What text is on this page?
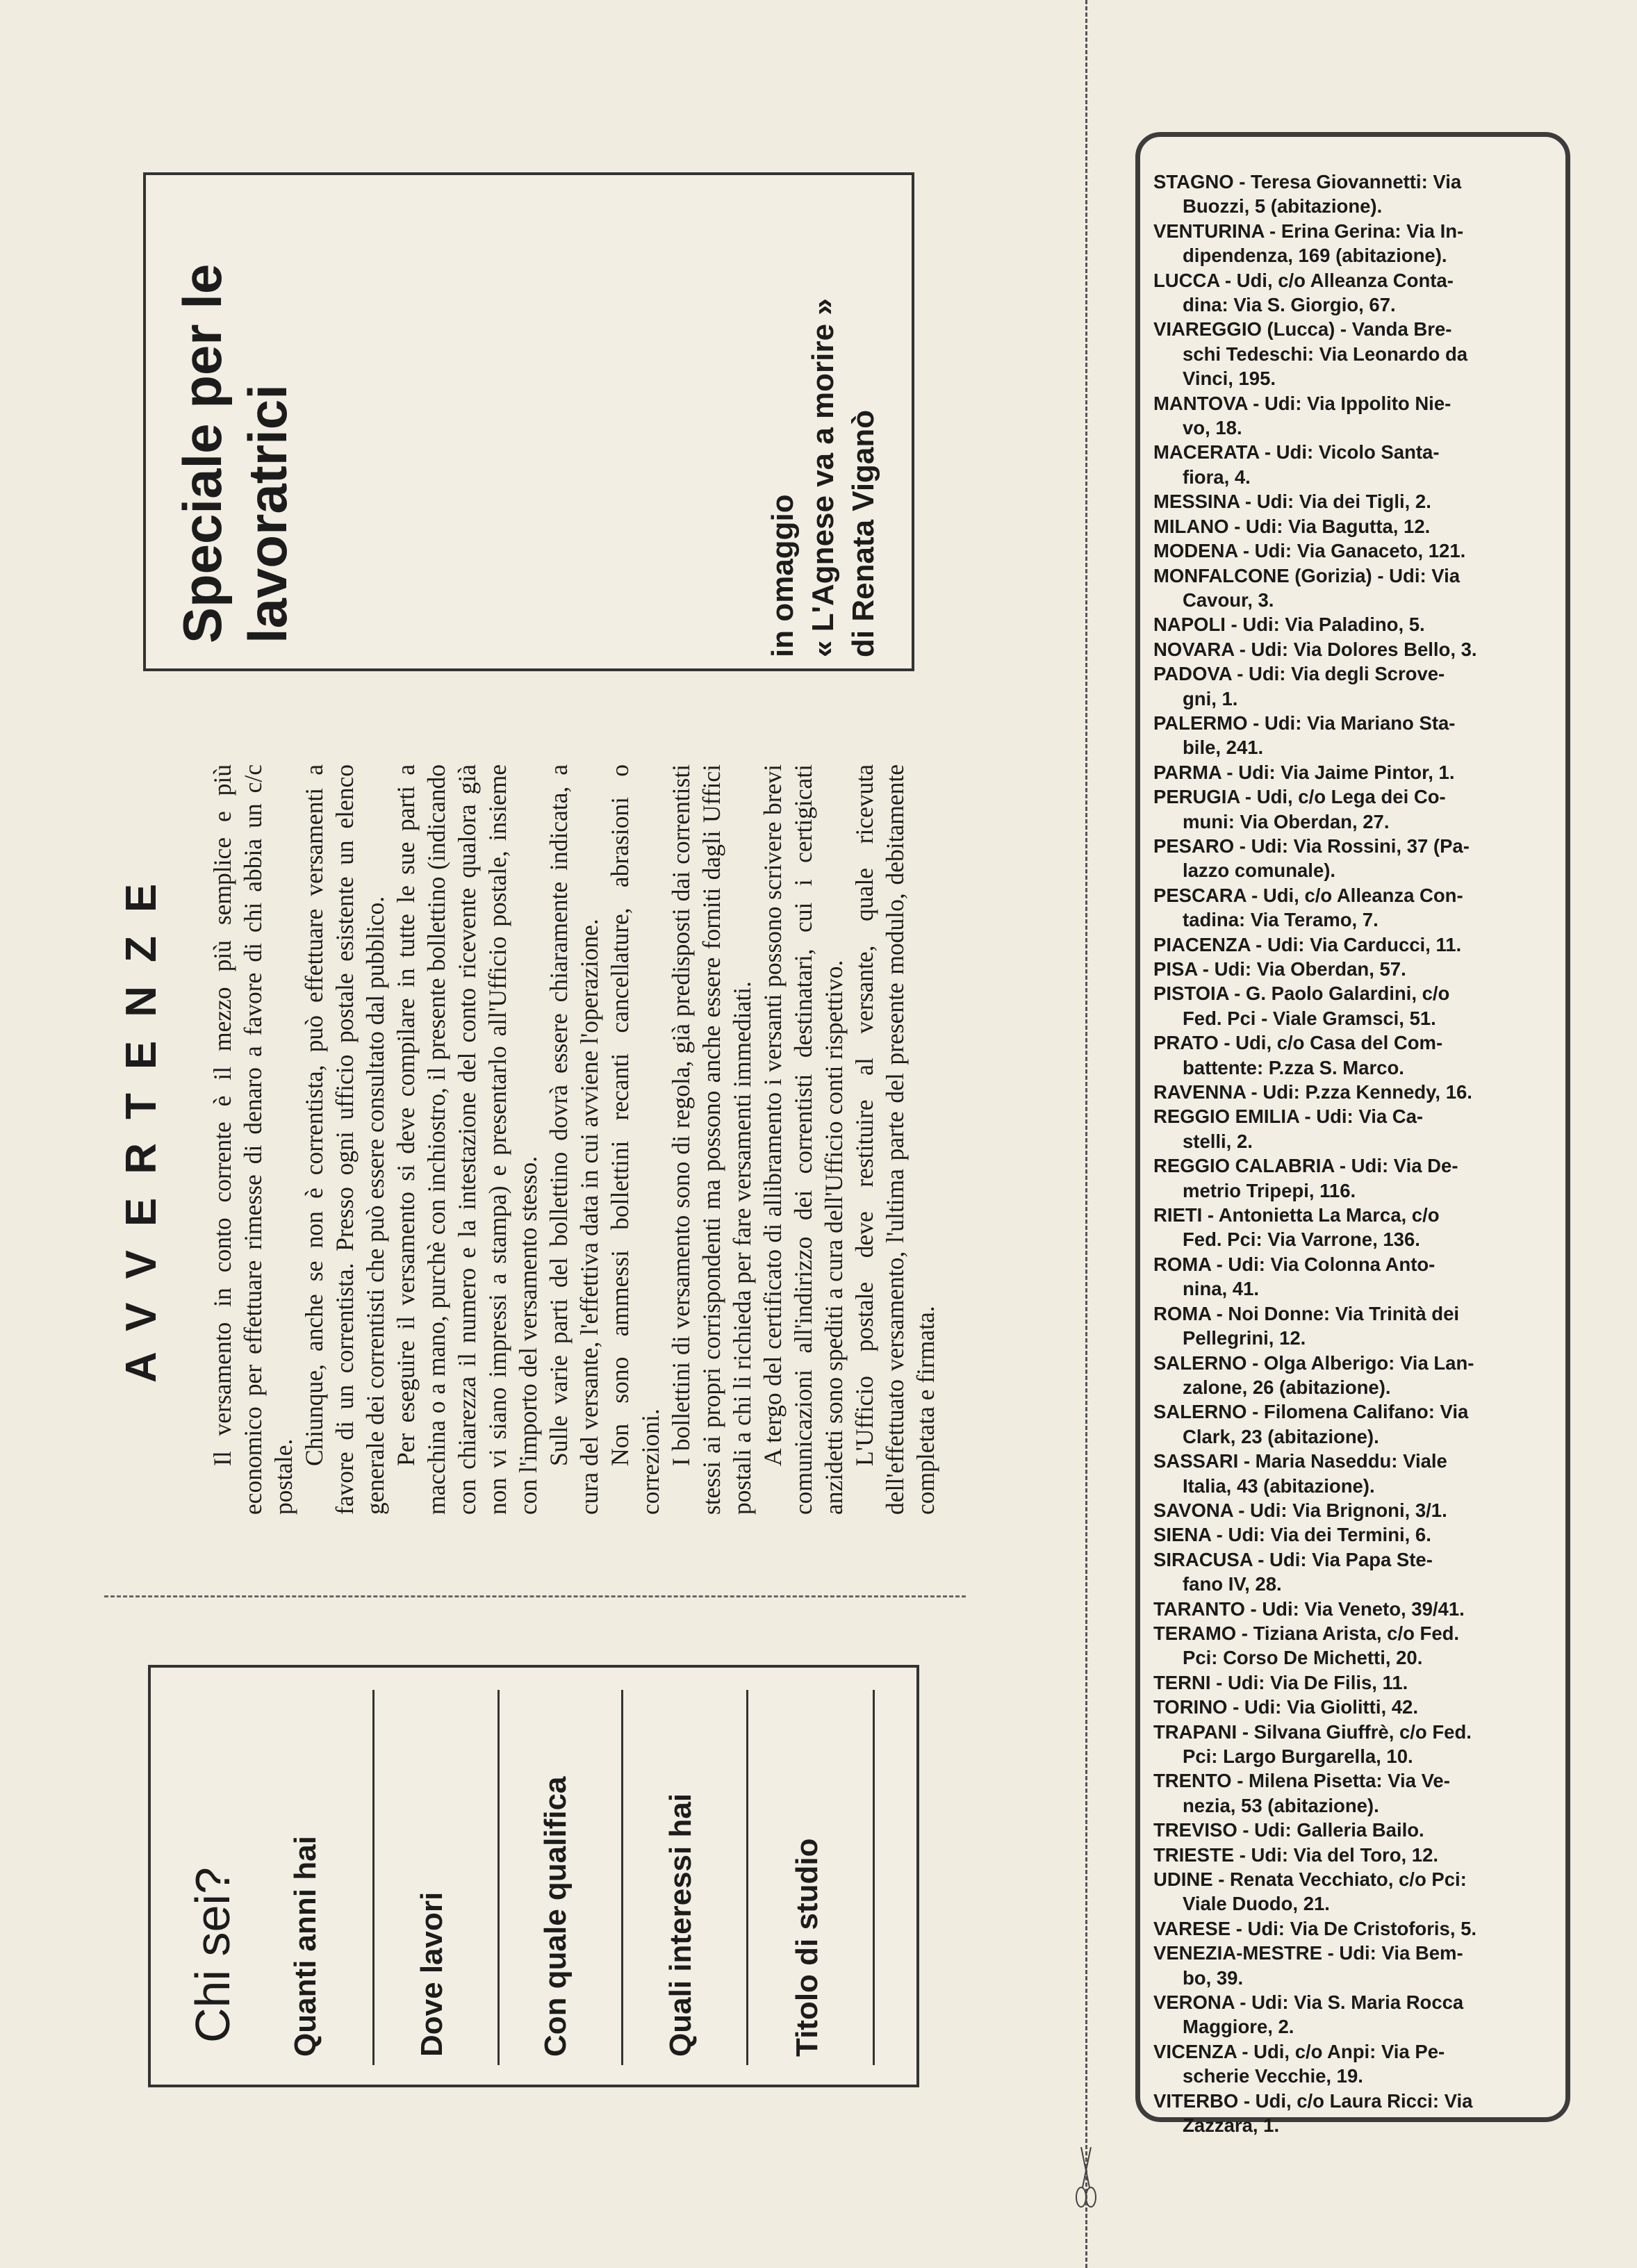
Speciale per le lavoratrici	in omaggio « L'Agnese va a morire » di Renata Viganò
AVVERTENZE Il versamento in conto corrente è il mezzo più semplice e più economico per effettuare rimesse di denaro a favore di chi abbia un c/c postale.

Chiunque, anche se non è correntista, può effettuare versamenti a favore di un correntista. Presso ogni ufficio postale esistente un elenco generale dei correntisti che può essere consultato dal pubblico. Per eseguire il versamento si deve compilare in tutte le sue parti a macchina o a mano, purchè con inchiostro, il presente bollettino (indicando con chiarezza il numero e la intestazione del conto ricevente qualora già non vi siano impressi a stampa) e presentarlo all'Ufficio postale, insieme con l'importo del versamento stesso. Sulle varie parti del bollettino dovrà essere chiaramente indicata, a cura del versante, l'effettiva data in cui avviene l'operazione. Non sono ammessi bollettini recanti cancellature, abrasioni o correzioni. I bollettini di versamento sono di regola, già predisposti dai correntisti stessi ai propri corrispondenti ma possono anche essere forniti dagli Uffici postali a chi li richieda per fare versamenti immediati. A tergo del certificato di allibramento i versanti possono scrivere brevi comunicazioni all'indirizzo dei correntisti destinatari, cui i certigicati anzidetti sono spediti a cura dell'Ufficio conti rispettivo. L'Ufficio postale deve restituire al versante, quale ricevuta dell'effettuato versamento, l'ultima parte del presente modulo, debitamente completata e firmata.

Chi sei? Quanti anni hai	Dove lavori	Con quale qualifica	Quali interessi hai	Titolo di studio
STAGNO - Teresa Giovannetti: Via
Buozzi, 5 (abitazione).
VENTURINA - Erina Gerina: Via In-
dipendenza, 169 (abitazione).
LUCCA - Udi, c/o Alleanza Conta-
dina: Via S. Giorgio, 67.
VIAREGGIO (Lucca) - Vanda Bre-
schi Tedeschi: Via Leonardo da
Vinci, 195.
MANTOVA - Udi: Via Ippolito Nie-
vo, 18.
MACERATA - Udi: Vicolo Santa-
fiora, 4.
MESSINA - Udi: Via dei Tigli, 2.
MILANO - Udi: Via Bagutta, 12.
MODENA - Udi: Via Ganaceto, 121.
MONFALCONE (Gorizia) - Udi: Via
Cavour, 3.
NAPOLI - Udi: Via Paladino, 5.
NOVARA - Udi: Via Dolores Bello, 3.
PADOVA - Udi: Via degli Scrove-
gni, 1.
PALERMO - Udi: Via Mariano Sta-
bile, 241.
PARMA - Udi: Via Jaime Pintor, 1.
PERUGIA - Udi, c/o Lega dei Co-
muni: Via Oberdan, 27.
PESARO - Udi: Via Rossini, 37 (Pa-
lazzo comunale).
PESCARA - Udi, c/o Alleanza Con-
tadina: Via Teramo, 7.
PIACENZA - Udi: Via Carducci, 11.
PISA - Udi: Via Oberdan, 57.
PISTOIA - G. Paolo Galardini, c/o
Fed. Pci - Viale Gramsci, 51.
PRATO - Udi, c/o Casa del Com-
battente: P.zza S. Marco.
RAVENNA - Udi: P.zza Kennedy, 16.
REGGIO EMILIA - Udi: Via Ca-
stelli, 2.
REGGIO CALABRIA - Udi: Via De-
metrio Tripepi, 116.
RIETI - Antonietta La Marca, c/o
Fed. Pci: Via Varrone, 136.
ROMA - Udi: Via Colonna Anto-
nina, 41.
ROMA - Noi Donne: Via Trinità dei
Pellegrini, 12.
SALERNO - Olga Alberigo: Via Lan-
zalone, 26 (abitazione).
SALERNO - Filomena Califano: Via
Clark, 23 (abitazione).
SASSARI - Maria Naseddu: Viale
Italia, 43 (abitazione).
SAVONA - Udi: Via Brignoni, 3/1.
SIENA - Udi: Via dei Termini, 6.
SIRACUSA - Udi: Via Papa Ste-
fano IV, 28.
TARANTO - Udi: Via Veneto, 39/41.
TERAMO - Tiziana Arista, c/o Fed.
Pci: Corso De Michetti, 20.
TERNI - Udi: Via De Filis, 11.
TORINO - Udi: Via Giolitti, 42.
TRAPANI - Silvana Giuffrè, c/o Fed.
Pci: Largo Burgarella, 10.
TRENTO - Milena Pisetta: Via Ve-
nezia, 53 (abitazione).
TREVISO - Udi: Galleria Bailo.
TRIESTE - Udi: Via del Toro, 12.
UDINE - Renata Vecchiato, c/o Pci:
Viale Duodo, 21.
VARESE - Udi: Via De Cristoforis, 5.
VENEZIA-MESTRE - Udi: Via Bem-
bo, 39.
VERONA - Udi: Via S. Maria Rocca
Maggiore, 2.
VICENZA - Udi, c/o Anpi: Via Pe-
scherie Vecchie, 19.
VITERBO - Udi, c/o Laura Ricci: Via
Zazzara, 1.
